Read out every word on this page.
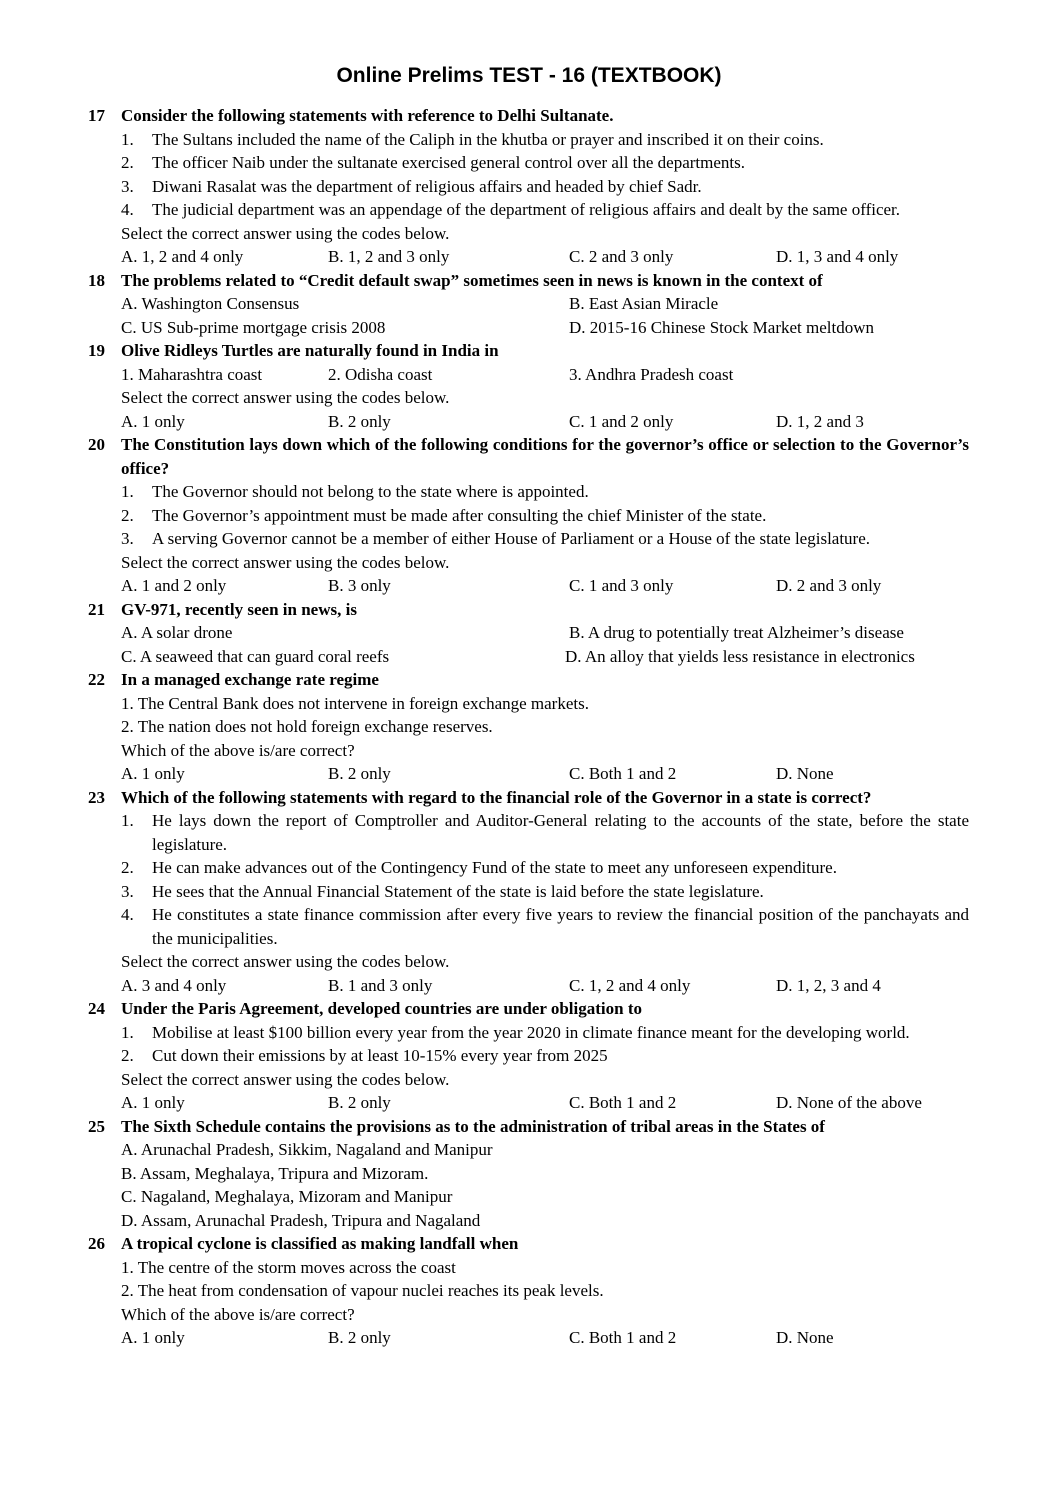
Online Prelims TEST - 16 (TEXTBOOK)
17 Consider the following statements with reference to Delhi Sultanate.
1.	The Sultans included the name of the Caliph in the khutba or prayer and inscribed it on their coins.
2.	The officer Naib under the sultanate exercised general control over all the departments.
3.	Diwani Rasalat was the department of religious affairs and headed by chief Sadr.
4.	The judicial department was an appendage of the department of religious affairs and dealt by the same officer.
Select the correct answer using the codes below.
A. 1, 2 and 4 only	B. 1, 2 and 3 only	C. 2 and 3 only	D. 1, 3 and 4 only
18 The problems related to “Credit default swap” sometimes seen in news is known in the context of
A. Washington Consensus	B. East Asian Miracle
C. US Sub-prime mortgage crisis 2008	D. 2015-16 Chinese Stock Market meltdown
19 Olive Ridleys Turtles are naturally found in India in
1. Maharashtra coast	2. Odisha coast	3. Andhra Pradesh coast
Select the correct answer using the codes below.
A. 1 only	B. 2 only	C. 1 and 2 only	D. 1, 2 and 3
20 The Constitution lays down which of the following conditions for the governor’s office or selection to the Governor’s office?
1.	The Governor should not belong to the state where is appointed.
2.	The Governor’s appointment must be made after consulting the chief Minister of the state.
3.	A serving Governor cannot be a member of either House of Parliament or a House of the state legislature.
Select the correct answer using the codes below.
A. 1 and 2 only	B. 3 only	C. 1 and 3 only	D. 2 and 3 only
21 GV-971, recently seen in news, is
A. A solar drone	B. A drug to potentially treat Alzheimer’s disease
C. A seaweed that can guard coral reefs	D. An alloy that yields less resistance in electronics
22 In a managed exchange rate regime
1. The Central Bank does not intervene in foreign exchange markets.
2. The nation does not hold foreign exchange reserves.
Which of the above is/are correct?
A. 1 only	B. 2 only	C. Both 1 and 2	D. None
23 Which of the following statements with regard to the financial role of the Governor in a state is correct?
1.	He lays down the report of Comptroller and Auditor-General relating to the accounts of the state, before the state legislature.
2.	He can make advances out of the Contingency Fund of the state to meet any unforeseen expenditure.
3.	He sees that the Annual Financial Statement of the state is laid before the state legislature.
4.	He constitutes a state finance commission after every five years to review the financial position of the panchayats and the municipalities.
Select the correct answer using the codes below.
A. 3 and 4 only	B. 1 and 3 only	C. 1, 2 and 4 only	D. 1, 2, 3 and 4
24 Under the Paris Agreement, developed countries are under obligation to
1.	Mobilise at least $100 billion every year from the year 2020 in climate finance meant for the developing world.
2.	Cut down their emissions by at least 10-15% every year from 2025
Select the correct answer using the codes below.
A. 1 only	B. 2 only	C. Both 1 and 2	D. None of the above
25 The Sixth Schedule contains the provisions as to the administration of tribal areas in the States of
A. Arunachal Pradesh, Sikkim, Nagaland and Manipur
B. Assam, Meghalaya, Tripura and Mizoram.
C. Nagaland, Meghalaya, Mizoram and Manipur
D. Assam, Arunachal Pradesh, Tripura and Nagaland
26 A tropical cyclone is classified as making landfall when
1. The centre of the storm moves across the coast
2. The heat from condensation of vapour nuclei reaches its peak levels.
Which of the above is/are correct?
A. 1 only	B. 2 only	C. Both 1 and 2	D. None
